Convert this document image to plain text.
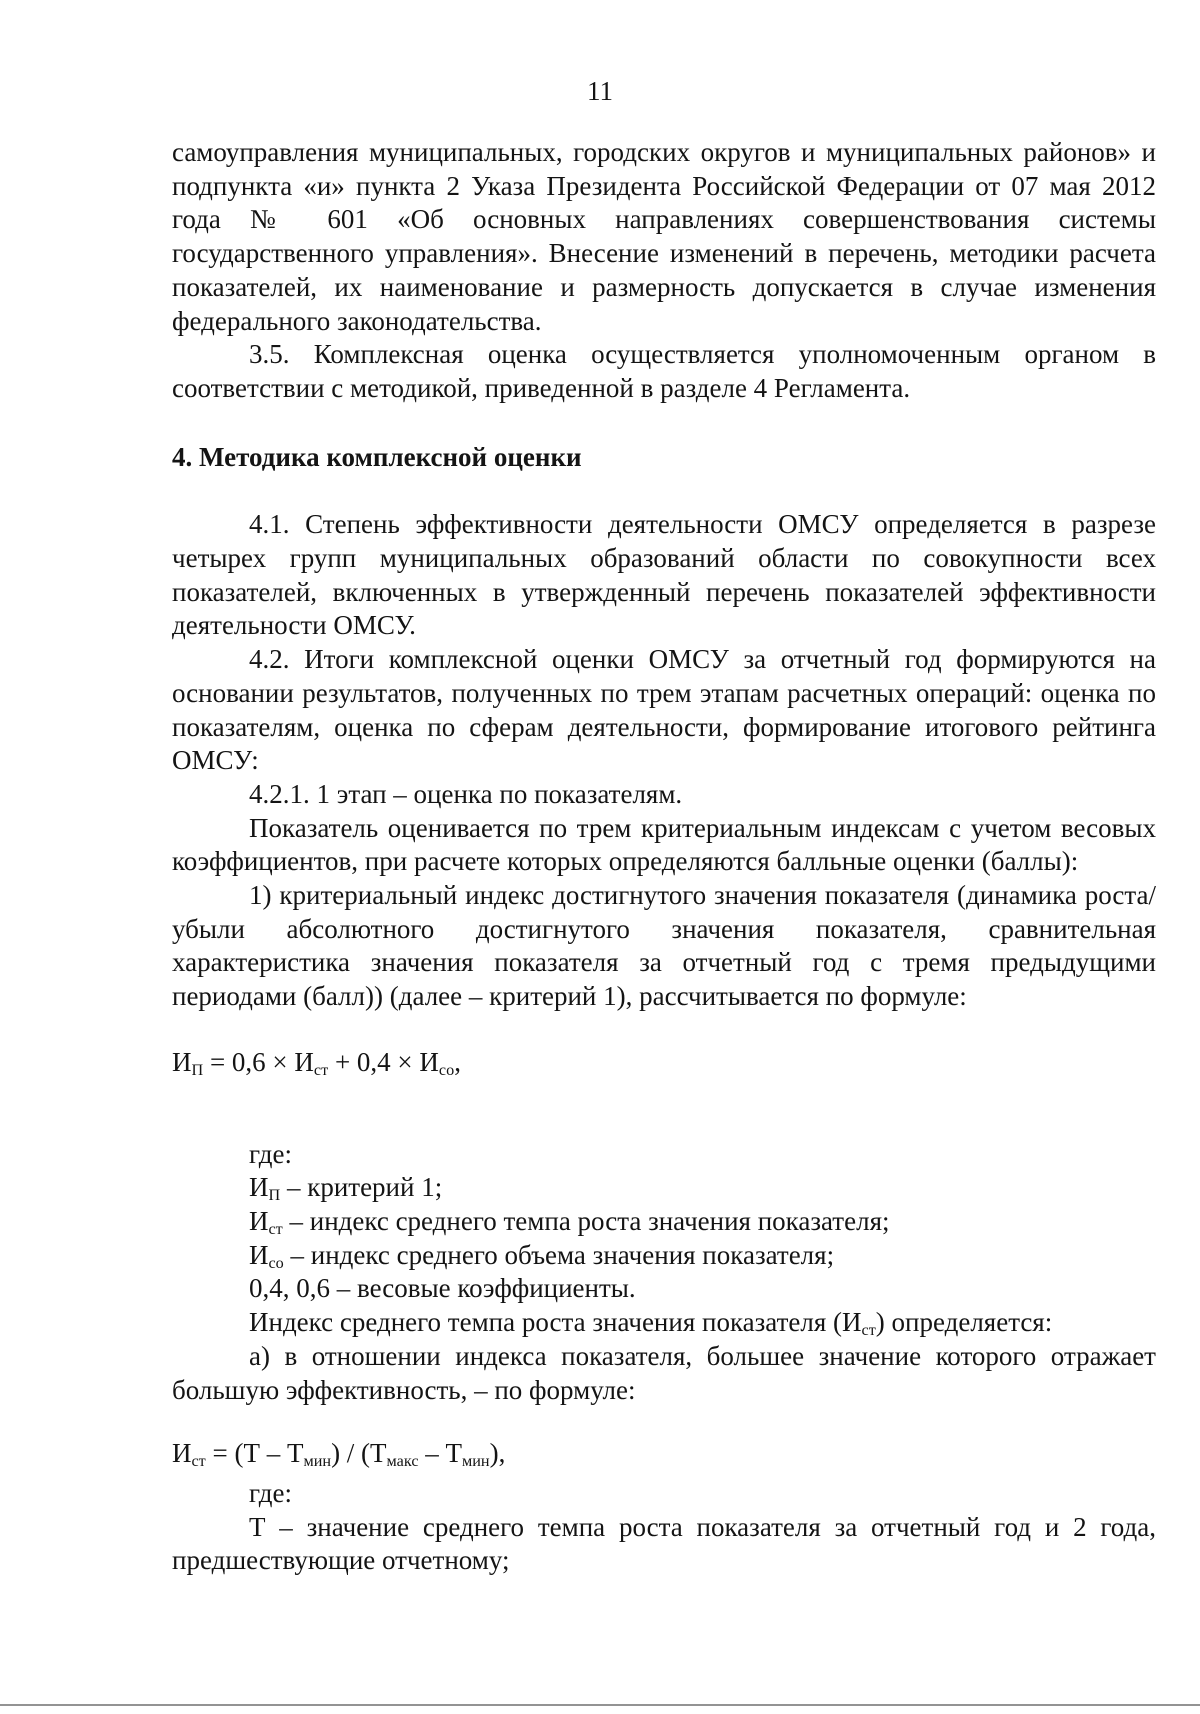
11

самоуправления муниципальных, городских округов и муниципальных районов» и подпункта «и» пункта 2 Указа Президента Российской Федерации от 07 мая 2012 года № 601 «Об основных направлениях совершенствования системы государственного управления». Внесение изменений в перечень, методики расчета показателей, их наименование и размерность допускается в случае изменения федерального законодательства.

3.5. Комплексная оценка осуществляется уполномоченным органом в соответствии с методикой, приведенной в разделе 4 Регламента.

4. Методика комплексной оценки

4.1. Степень эффективности деятельности ОМСУ определяется в разрезе четырех групп муниципальных образований области по совокупности всех показателей, включенных в утвержденный перечень показателей эффективности деятельности ОМСУ.

4.2. Итоги комплексной оценки ОМСУ за отчетный год формируются на основании результатов, полученных по трем этапам расчетных операций: оценка по показателям, оценка по сферам деятельности, формирование итогового рейтинга ОМСУ:

4.2.1. 1 этап – оценка по показателям.

Показатель оценивается по трем критериальным индексам с учетом весовых коэффициентов, при расчете которых определяются балльные оценки (баллы):

1) критериальный индекс достигнутого значения показателя (динамика роста/убыли абсолютного достигнутого значения показателя, сравнительная характеристика значения показателя за отчетный год с тремя предыдущими периодами (балл)) (далее – критерий 1), рассчитывается по формуле:

$И_П = 0,6 \times И_{ст} + 0,4 \times И_{со}$,

где:

$И_П$ – критерий 1;

$И_{ст}$ – индекс среднего темпа роста значения показателя;

$И_{со}$ – индекс среднего объема значения показателя;

0,4, 0,6 – весовые коэффициенты.

Индекс среднего темпа роста значения показателя $(И_{ст})$ определяется:

а) в отношении индекса показателя, большее значение которого отражает большую эффективность, – по формуле:

$И_{ст} = (Т - Т_{мин}) / (Т_{макс} - Т_{мин})$,

где:

Т – значение среднего темпа роста показателя за отчетный год и 2 года, предшествующие отчетному;
